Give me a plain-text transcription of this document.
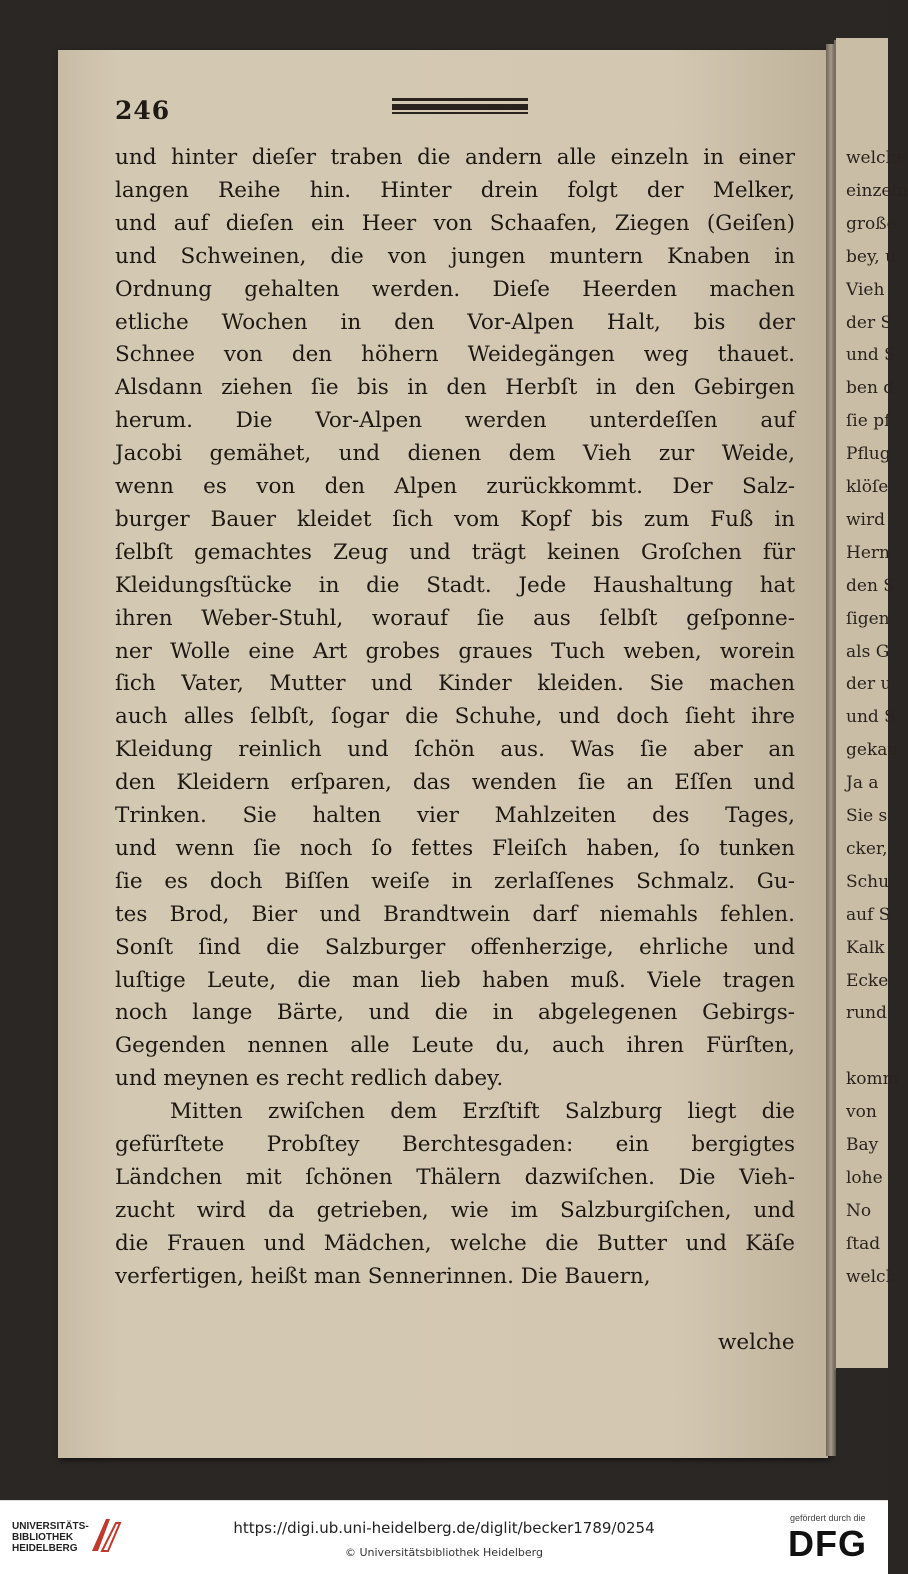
246
und hinter dieſer traben die andern alle einzeln in einer
langen Reihe hin. Hinter drein folgt der Melker,
und auf dieſen ein Heer von Schaafen, Ziegen (Geiſen)
und Schweinen, die von jungen muntern Knaben in
Ordnung gehalten werden. Dieſe Heerden machen
etliche Wochen in den Vor-Alpen Halt, bis der
Schnee von den höhern Weidegängen weg thauet.
Alsdann ziehen ſie bis in den Herbſt in den Gebirgen
herum. Die Vor-Alpen werden unterdeſſen auf
Jacobi gemähet, und dienen dem Vieh zur Weide,
wenn es von den Alpen zurückkommt. Der Salz-
burger Bauer kleidet ſich vom Kopf bis zum Fuß in
ſelbſt gemachtes Zeug und trägt keinen Groſchen für
Kleidungsſtücke in die Stadt. Jede Haushaltung hat
ihren Weber-Stuhl, worauf ſie aus ſelbſt geſponne-
ner Wolle eine Art grobes graues Tuch weben, worein
ſich Vater, Mutter und Kinder kleiden. Sie machen
auch alles ſelbſt, ſogar die Schuhe, und doch ſieht ihre
Kleidung reinlich und ſchön aus. Was ſie aber an
den Kleidern erſparen, das wenden ſie an Eſſen und
Trinken. Sie halten vier Mahlzeiten des Tages,
und wenn ſie noch ſo fettes Fleiſch haben, ſo tunken
ſie es doch Biſſen weiſe in zerlaſſenes Schmalz. Gu-
tes Brod, Bier und Brandtwein darf niemahls fehlen.
Sonſt ſind die Salzburger offenherzige, ehrliche und
luſtige Leute, die man lieb haben muß. Viele tragen
noch lange Bärte, und die in abgelegenen Gebirgs-
Gegenden nennen alle Leute du, auch ihren Fürſten,
und meynen es recht redlich dabey.
Mitten zwiſchen dem Erzſtift Salzburg liegt die
gefürſtete Probſtey Berchtesgaden: ein bergigtes
Ländchen mit ſchönen Thälern dazwiſchen. Die Vieh-
zucht wird da getrieben, wie im Salzburgiſchen, und
die Frauen und Mädchen, welche die Butter und Käſe
verfertigen, heißt man Sennerinnen. Die Bauern,
welche
welche
einzeln
große
bey, u
Vieh
der S
und S
ben d
ſie pf
Pflug
klöſe
wird
Hern
den S
ſigen
als G
der u
und S
gekau
Ja a
Sie s
cker,
Schu
auf S
Kalk
Ecke
rund
komm
von
Bay
lohe
No
ſtad
welch
UNIVERSITÄTS-
BIBLIOTHEK
HEIDELBERG
https://digi.ub.uni-heidelberg.de/diglit/becker1789/0254
© Universitätsbibliothek Heidelberg
gefördert durch die
DFG
